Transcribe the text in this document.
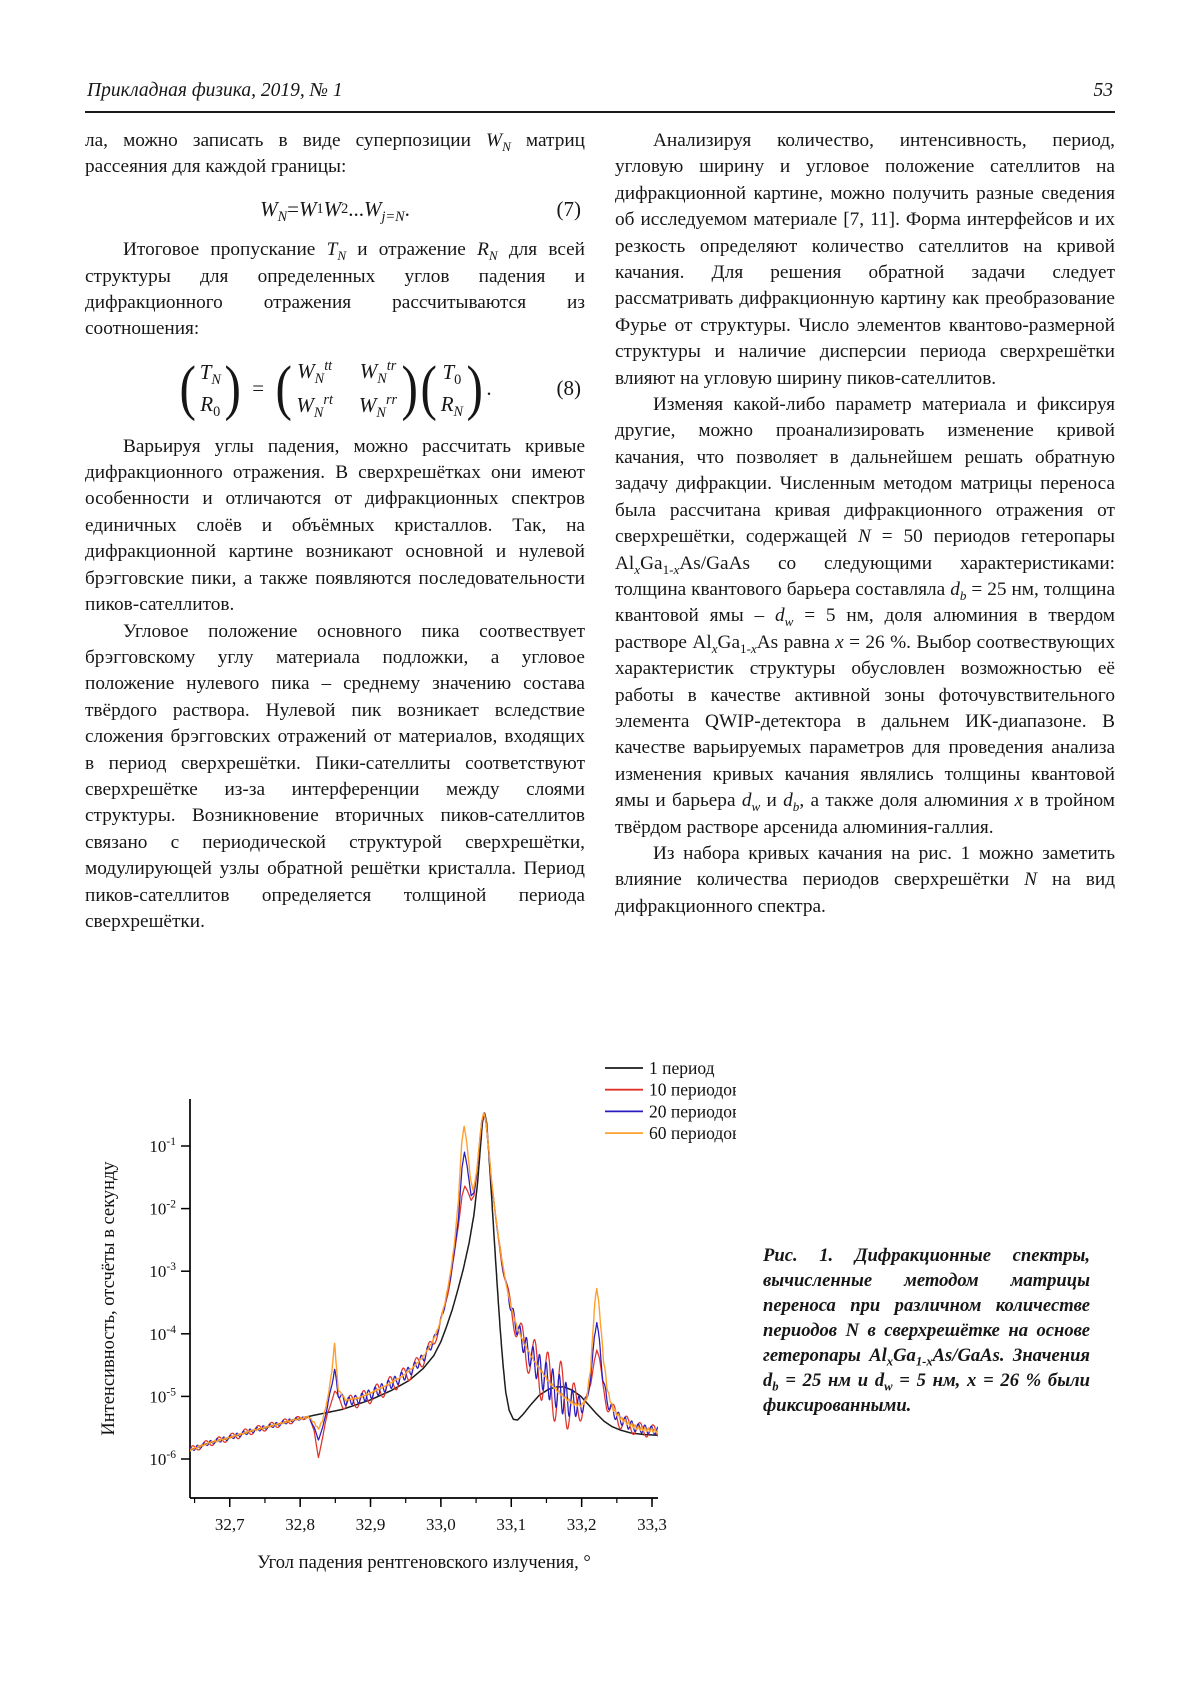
Прикладная физика, 2019, № 1	53

ла, можно записать в виде суперпозиции $W_N$ матриц рассеяния для каждой границы:

$W_N = W$ 1 W 2 ... $W_{j=N}$ .	(7)

Итоговое пропускание $T_N$ и отражение $R_N$ для всей структуры для определенных углов падения и дифракционного отражения рассчитываются из соотношения:

( $T_N$
$R_0$ ) = ( $W_N^{tt}$ $W_N^{tr}$
$W_N^{rt}$ $W_N^{rr}$ ) ( $T_0$
$R_N$ ) .	(8)

Варьируя углы падения, можно рассчитать кривые дифракционного отражения. В сверхрешётках они имеют особенности и отличаются от дифракционных спектров единичных слоёв и объёмных кристаллов. Так, на дифракционной картине возникают основной и нулевой брэгговские пики, а также появляются последовательности пиков-сателлитов.

Угловое положение основного пика соотвествует брэгговскому углу материала подложки, а угловое положение нулевого пика – среднему значению состава твёрдого раствора. Нулевой пик возникает вследствие сложения брэгговских отражений от материалов, входящих в период сверхрешётки. Пики-сателлиты соответствуют сверхрешётке из-за интерференции между слоями структуры. Возникновение вторичных пиков-сателлитов связано с периодической структурой сверхрешётки, модулирующей узлы обратной решётки кристалла. Период пиков-сателлитов определяется толщиной периода сверхрешётки.

Анализируя количество, интенсивность, период, угловую ширину и угловое положение сателлитов на дифракционной картине, можно получить разные сведения об исследуемом материале [7, 11]. Форма интерфейсов и их резкость определяют количество сателлитов на кривой качания. Для решения обратной задачи следует рассматривать дифракционную картину как преобразование Фурье от структуры. Число элементов квантово-размерной структуры и наличие дисперсии периода сверхрешётки влияют на угловую ширину пиков-сателлитов.

Изменяя какой-либо параметр материала и фиксируя другие, можно проанализировать изменение кривой качания, что позволяет в дальнейшем решать обратную задачу дифракции. Численным методом матрицы переноса была рассчитана кривая дифракционного отражения от сверхрешётки, содержащей N = 50 периодов гетеропары $Al_xGa_{1-x}As$/GaAs со следующими характеристиками: толщина квантового барьера составляла $d_b = 25$ нм, толщина квантовой ямы – $d_w = 5$ нм, доля алюминия в твердом растворе $Al_xGa_{1-x}As$ равна x = 26 %. Выбор соотвествующих характеристик структуры обусловлен возможностью её работы в качестве активной зоны фоточувствительного элемента QWIP-детектора в дальнем ИК-диапазоне. В качестве варьируемых параметров для проведения анализа изменения кривых качания являлись толщины квантовой ямы и барьера $d_w$ и $d_b$, а также доля алюминия x в тройном твёрдом растворе арсенида алюминия-галлия.

Из набора кривых качания на рис. 1 можно заметить влияние количества периодов сверхрешётки N на вид дифракционного спектра.

$10^{-1}$
$10^{-2}$
$10^{-3}$
$10^{-4}$
$10^{-5}$
$10^{-6}$
32,7 32,8 32,9 33,0 33,1 33,2 33,3
Угол падения рентгеновского излучения, °
Интенсивность, отсчёты в секунду
1 период
10 периодов
20 периодов
60 периодов
Рис. 1. Дифракционные спектры, вычисленные методом матрицы переноса при различном количестве периодов N в сверхрешётке на основе гетеропары $Al_xGa_{1-x}As$/GaAs. Значения $d_b = 25$ нм и $d_w = 5$ нм, x = 26 % были фиксированными.
